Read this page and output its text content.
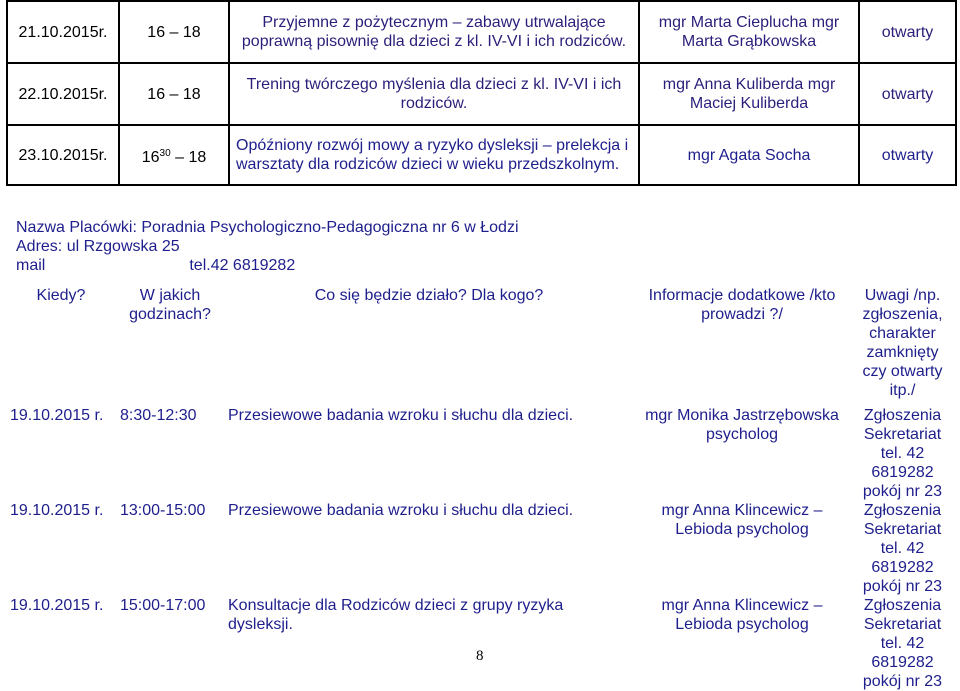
21.10.2015r.	16 – 18	Przyjemne z pożytecznym – zabawy utrwalające poprawną pisownię dla dzieci z kl. IV-VI i ich rodziców.	mgr Marta Cieplucha mgr Marta Grąbkowska	otwarty
22.10.2015r.	16 – 18	Trening twórczego myślenia dla dzieci z kl. IV-VI i ich rodziców.	mgr Anna Kuliberda mgr Maciej Kuliberda	otwarty
23.10.2015r.	$16^{30} - 18$	Opóźniony rozwój mowy a ryzyko dysleksji – prelekcja i warsztaty dla rodziców dzieci w wieku przedszkolnym.	mgr Agata Socha	otwarty
Nazwa Placówki: Poradnia Psychologiczno-Pedagogiczna nr 6 w Łodzi
Adres: ul Rzgowska 25
mail	tel.42 6819282
Kiedy?	W jakich godzinach?	Co się będzie działo? Dla kogo?	Informacje dodatkowe /kto prowadzi ?/	Uwagi /np. zgłoszenia, charakter zamknięty czy otwarty itp./
19.10.2015 r.	8:30-12:30	Przesiewowe badania wzroku i słuchu dla dzieci.	mgr Monika Jastrzębowska psycholog	Zgłoszenia Sekretariat tel. 42 6819282 pokój nr 23
19.10.2015 r.	13:00-15:00	Przesiewowe badania wzroku i słuchu dla dzieci.	mgr Anna Klincewicz – Lebioda psycholog	Zgłoszenia Sekretariat tel. 42 6819282 pokój nr 23
19.10.2015 r.	15:00-17:00	Konsultacje dla Rodziców dzieci z grupy ryzyka dysleksji.	mgr Anna Klincewicz – Lebioda psycholog	Zgłoszenia Sekretariat tel. 42 6819282 pokój nr 23
8
